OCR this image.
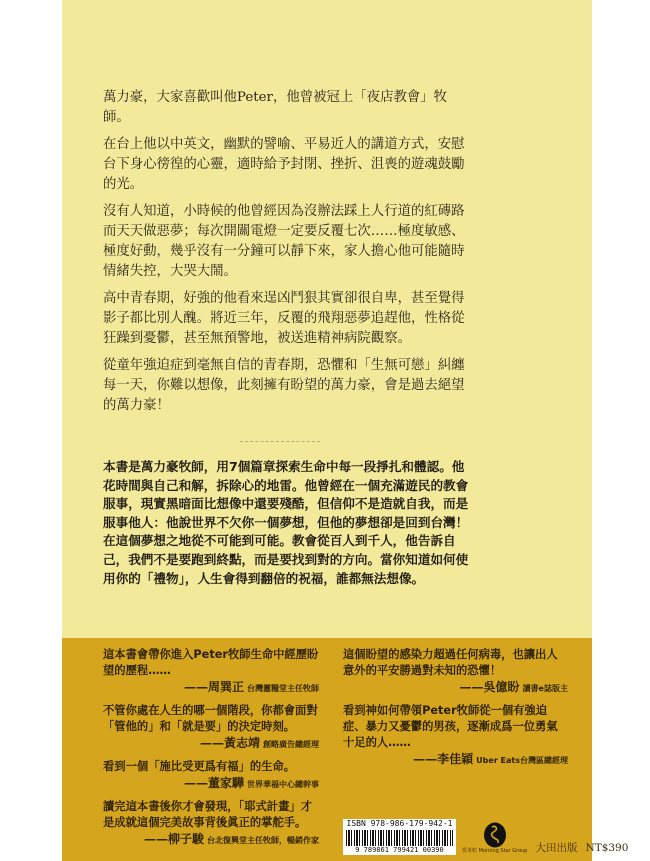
萬力豪，大家喜歡叫他Peter，他曾被冠上「夜店教會」牧師。

在台上他以中英文，幽默的譬喻、平易近人的講道方式，安慰台下身心徬徨的心靈，適時給予封閉、挫折、沮喪的遊魂鼓勵的光。

沒有人知道，小時候的他曾經因為沒辦法踩上人行道的紅磚路而天天做惡夢；每次開關電燈一定要反覆七次……極度敏感、極度好動，幾乎沒有一分鐘可以靜下來，家人擔心他可能隨時情緒失控，大哭大鬧。

高中青春期，好強的他看來逞凶鬥狠其實卻很自卑，甚至覺得影子都比別人醜。將近三年，反覆的飛翔惡夢追趕他，性格從狂躁到憂鬱，甚至無預警地，被送進精神病院觀察。

從童年強迫症到毫無自信的青春期，恐懼和「生無可戀」糾纏每一天，你難以想像，此刻擁有盼望的萬力豪，會是過去絕望的萬力豪！

本書是萬力豪牧師，用7個篇章探索生命中每一段掙扎和體認。他花時間與自己和解，拆除心的地雷。他曾經在一個充滿遊民的教會服事，現實黑暗面比想像中還要殘酷，但信仰不是造就自我，而是服事他人：他說世界不欠你一個夢想，但他的夢想卻是回到台灣！在這個夢想之地從不可能到可能。教會從百人到千人，他告訴自己，我們不是要跑到終點，而是要找到對的方向。當你知道如何使用你的「禮物」，人生會得到翻倍的祝福，誰都無法想像。

這本書會帶你進入Peter牧師生命中經歷盼望的歷程……
——周巽正 台灣靈糧堂主任牧師
不管你處在人生的哪一個階段，你都會面對「管他的」和「就是要」的決定時刻。
——黃志靖 創略廣告總經理
看到一個「施比受更爲有福」的生命。
——董家驊 世界華福中心總幹事
讀完這本書後你才會發現，「耶式計畫」才是成就這個完美故事背後眞正的掌舵手。
——柳子駿 台北復興堂主任牧師，暢銷作家
這個盼望的感染力超過任何病毒，也讓出人意外的平安勝過對未知的恐懼！
——吳億盼 讀書e誌版主
看到神如何帶領Peter牧師從一個有強迫症、暴力又憂鬱的男孩，逐漸成爲一位勇氣十足的人……
——李佳穎 Uber Eats台灣區總經理
ISBN 978-986-179-942-1
9 789861 799421 00390	愛米粒 Morning Star Group 大田出版 NT$390
